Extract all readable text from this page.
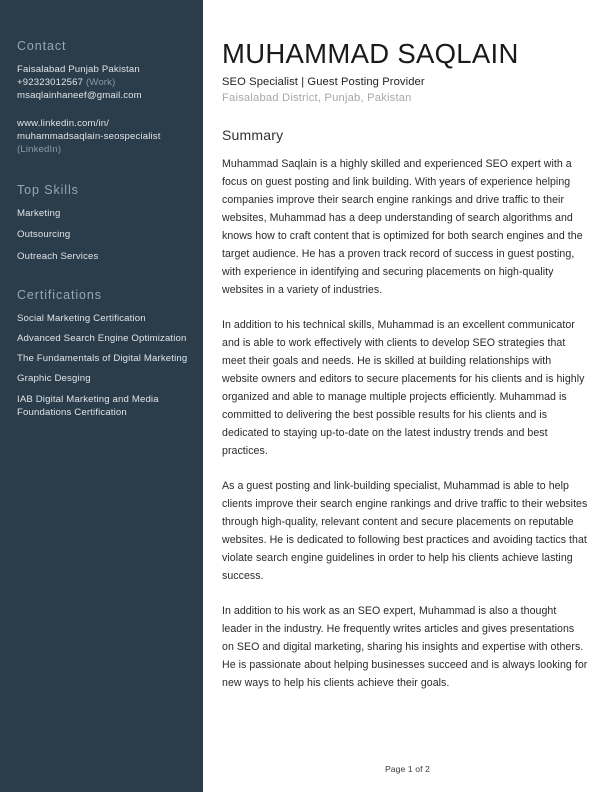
Contact
Faisalabad Punjab Pakistan
+92323012567 (Work)
msaqlainhaneef@gmail.com
www.linkedin.com/in/
muhammadsaqlain-seospecialist
(LinkedIn)
Top Skills
Marketing
Outsourcing
Outreach Services
Certifications
Social Marketing Certification
Advanced Search Engine Optimization
The Fundamentals of Digital Marketing
Graphic Desging
IAB Digital Marketing and Media Foundations Certification
MUHAMMAD SAQLAIN
SEO Specialist | Guest Posting Provider
Faisalabad District, Punjab, Pakistan
Summary

Muhammad Saqlain is a highly skilled and experienced SEO expert with a focus on guest posting and link building. With years of experience helping companies improve their search engine rankings and drive traffic to their websites, Muhammad has a deep understanding of search algorithms and knows how to craft content that is optimized for both search engines and the target audience. He has a proven track record of success in guest posting, with experience in identifying and securing placements on high-quality websites in a variety of industries.

In addition to his technical skills, Muhammad is an excellent communicator and is able to work effectively with clients to develop SEO strategies that meet their goals and needs. He is skilled at building relationships with website owners and editors to secure placements for his clients and is highly organized and able to manage multiple projects efficiently. Muhammad is committed to delivering the best possible results for his clients and is dedicated to staying up-to-date on the latest industry trends and best practices.

As a guest posting and link-building specialist, Muhammad is able to help clients improve their search engine rankings and drive traffic to their websites through high-quality, relevant content and secure placements on reputable websites. He is dedicated to following best practices and avoiding tactics that violate search engine guidelines in order to help his clients achieve lasting success.

In addition to his work as an SEO expert, Muhammad is also a thought leader in the industry. He frequently writes articles and gives presentations on SEO and digital marketing, sharing his insights and expertise with others. He is passionate about helping businesses succeed and is always looking for new ways to help his clients achieve their goals.

Page 1 of 2
